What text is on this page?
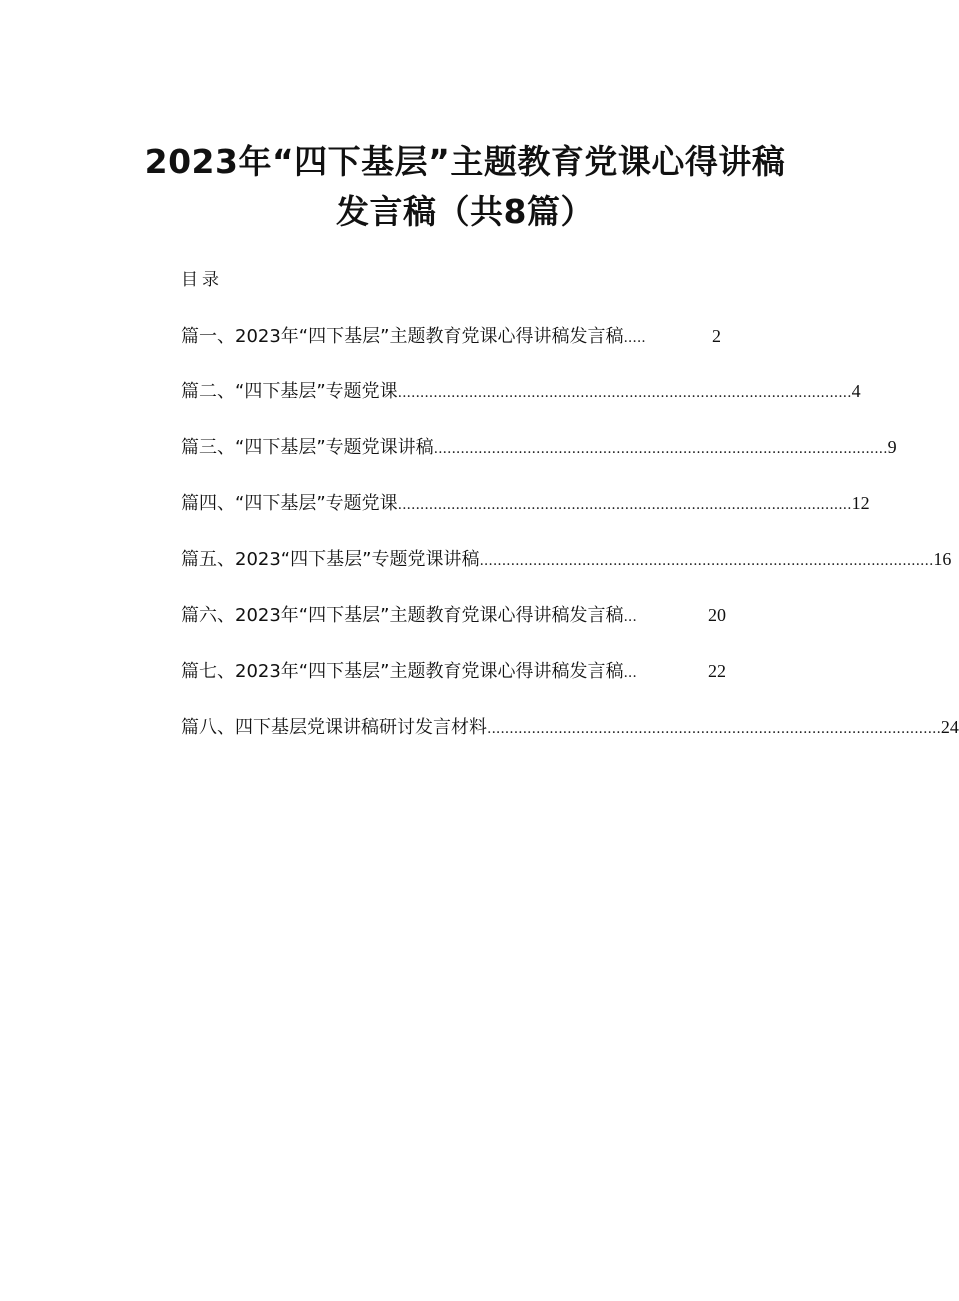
2023年“四下基层”主题教育党课心得讲稿
发言稿（共8篇）
目录
篇一、2023年“四下基层”主题教育党课心得讲稿发言稿 .....	2
篇二、“四下基层”专题党课 ...................................................................................................... 4
篇三、“四下基层”专题党课讲稿 ...................................................................................................... 9
篇四、“四下基层”专题党课 ...................................................................................................... 12
篇五、2023“四下基层”专题党课讲稿 ...................................................................................................... 16
篇六、2023年“四下基层”主题教育党课心得讲稿发言稿 ...	20
篇七、2023年“四下基层”主题教育党课心得讲稿发言稿 ...	22
篇八、四下基层党课讲稿研讨发言材料 ...................................................................................................... 24
